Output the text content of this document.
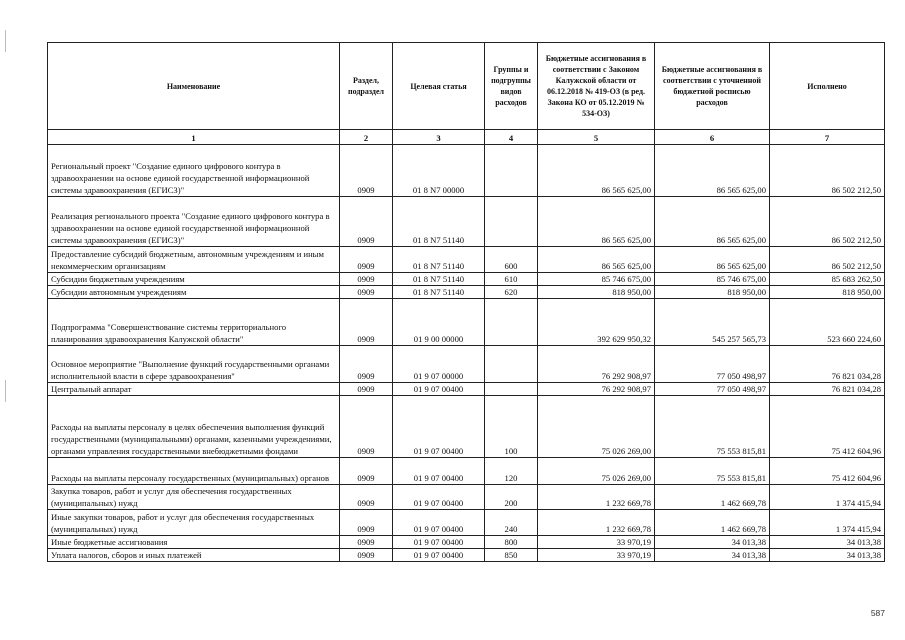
Наименование	Раздел, подраздел	Целевая статья	Группы и подгруппы видов расходов	Бюджетные ассигнования в соответствии с Законом Калужской области от 06.12.2018 № 419-ОЗ (в ред. Закона КО от 05.12.2019 № 534-ОЗ)	Бюджетные ассигнования в соответствии с уточненной бюджетной росписью расходов	Исполнено
1	2	3	4	5	6	7
Региональный проект "Создание единого цифрового контура в здравоохранении на основе единой государственной информационной системы здравоохранения (ЕГИСЗ)"	0909	01 8 N7 00000		86 565 625,00	86 565 625,00	86 502 212,50
Реализация регионального проекта "Создание единого цифрового контура в здравоохранении на основе единой государственной информационной системы здравоохранения (ЕГИСЗ)"	0909	01 8 N7 51140		86 565 625,00	86 565 625,00	86 502 212,50
Предоставление субсидий бюджетным, автономным учреждениям и иным некоммерческим организациям	0909	01 8 N7 51140	600	86 565 625,00	86 565 625,00	86 502 212,50
Субсидии бюджетным учреждениям	0909	01 8 N7 51140	610	85 746 675,00	85 746 675,00	85 683 262,50
Субсидии автономным учреждениям	0909	01 8 N7 51140	620	818 950,00	818 950,00	818 950,00
Подпрограмма "Совершенствование системы территориального планирования здравоохранения Калужской области"	0909	01 9 00 00000		392 629 950,32	545 257 565,73	523 660 224,60
Основное мероприятие "Выполнение функций государственными органами исполнительной власти в сфере здравоохранения"	0909	01 9 07 00000		76 292 908,97	77 050 498,97	76 821 034,28
Центральный аппарат	0909	01 9 07 00400		76 292 908,97	77 050 498,97	76 821 034,28
Расходы на выплаты персоналу в целях обеспечения выполнения функций государственными (муниципальными) органами, казенными учреждениями, органами управления государственными внебюджетными фондами	0909	01 9 07 00400	100	75 026 269,00	75 553 815,81	75 412 604,96
Расходы на выплаты персоналу государственных (муниципальных) органов	0909	01 9 07 00400	120	75 026 269,00	75 553 815,81	75 412 604,96
Закупка товаров, работ и услуг для обеспечения государственных (муниципальных) нужд	0909	01 9 07 00400	200	1 232 669,78	1 462 669,78	1 374 415,94
Иные закупки товаров, работ и услуг для обеспечения государственных (муниципальных) нужд	0909	01 9 07 00400	240	1 232 669,78	1 462 669,78	1 374 415,94
Иные бюджетные ассигнования	0909	01 9 07 00400	800	33 970,19	34 013,38	34 013,38
Уплата налогов, сборов и иных платежей	0909	01 9 07 00400	850	33 970,19	34 013,38	34 013,38
587
